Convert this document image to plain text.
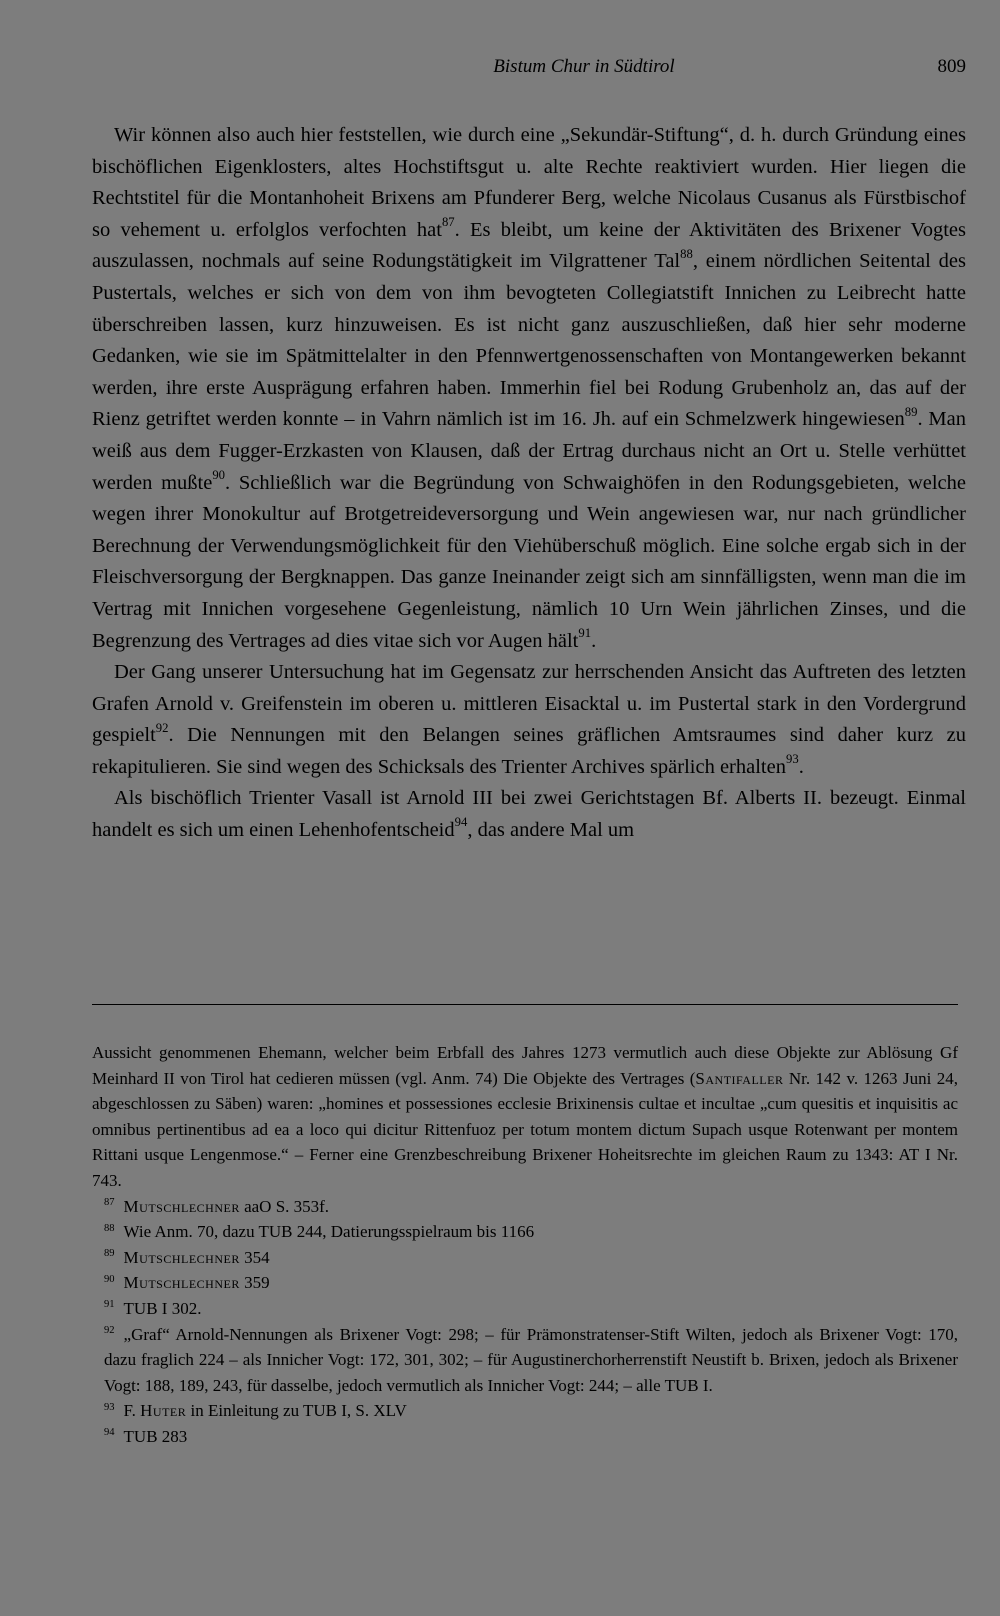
Bistum Chur in Südtirol	809

Wir können also auch hier feststellen, wie durch eine „Sekundär-Stiftung“, d. h. durch Gründung eines bischöflichen Eigenklosters, altes Hochstiftsgut u. alte Rechte reaktiviert wurden. Hier liegen die Rechtstitel für die Montanhoheit Brixens am Pfunderer Berg, welche Nicolaus Cusanus als Fürstbischof so vehement u. erfolglos verfochten hat$^{87}$. Es bleibt, um keine der Aktivitäten des Brixener Vogtes auszulassen, nochmals auf seine Rodungstätigkeit im Vilgrattener Tal$^{88}$, einem nördlichen Seitental des Pustertals, welches er sich von dem von ihm bevogteten Collegiatstift Innichen zu Leibrecht hatte überschreiben lassen, kurz hinzuweisen. Es ist nicht ganz auszuschließen, daß hier sehr moderne Gedanken, wie sie im Spätmittelalter in den Pfennwertgenossenschaften von Montangewerken bekannt werden, ihre erste Ausprägung erfahren haben. Immerhin fiel bei Rodung Grubenholz an, das auf der Rienz getriftet werden konnte – in Vahrn nämlich ist im 16. Jh. auf ein Schmelzwerk hingewiesen$^{89}$. Man weiß aus dem Fugger-Erzkasten von Klausen, daß der Ertrag durchaus nicht an Ort u. Stelle verhüttet werden mußte$^{90}$. Schließlich war die Begründung von Schwaighöfen in den Rodungsgebieten, welche wegen ihrer Monokultur auf Brotgetreideversorgung und Wein angewiesen war, nur nach gründlicher Berechnung der Verwendungsmöglichkeit für den Viehüberschuß möglich. Eine solche ergab sich in der Fleischversorgung der Bergknappen. Das ganze Ineinander zeigt sich am sinnfälligsten, wenn man die im Vertrag mit Innichen vorgesehene Gegenleistung, nämlich 10 Urn Wein jährlichen Zinses, und die Begrenzung des Vertrages ad dies vitae sich vor Augen hält$^{91}$.

Der Gang unserer Untersuchung hat im Gegensatz zur herrschenden Ansicht das Auftreten des letzten Grafen Arnold v. Greifenstein im oberen u. mittleren Eisacktal u. im Pustertal stark in den Vordergrund gespielt$^{92}$. Die Nennungen mit den Belangen seines gräflichen Amtsraumes sind daher kurz zu rekapitulieren. Sie sind wegen des Schicksals des Trienter Archives spärlich erhalten$^{93}$.

Als bischöflich Trienter Vasall ist Arnold III bei zwei Gerichtstagen Bf. Alberts II. bezeugt. Einmal handelt es sich um einen Lehenhofentscheid$^{94}$, das andere Mal um

Aussicht genommenen Ehemann, welcher beim Erbfall des Jahres 1273 vermutlich auch diese Objekte zur Ablösung Gf Meinhard II von Tirol hat cedieren müssen (vgl. Anm. 74) Die Objekte des Vertrages (Santifaller Nr. 142 v. 1263 Juni 24, abgeschlossen zu Säben) waren: „homines et possessiones ecclesie Brixinensis cultae et incultae „cum quesitis et inquisitis ac omnibus pertinentibus ad ea a loco qui dicitur Rittenfuoz per totum montem dictum Supach usque Rotenwant per montem Rittani usque Lengenmose.“ – Ferner eine Grenzbeschreibung Brixener Hoheitsrechte im gleichen Raum zu 1343: AT I Nr. 743.

87 Mutschlechner aaO S. 353f.

88 Wie Anm. 70, dazu TUB 244, Datierungsspielraum bis 1166

89 Mutschlechner 354

90 Mutschlechner 359

91 TUB I 302.

92 „Graf“ Arnold-Nennungen als Brixener Vogt: 298; – für Prämonstratenser-Stift Wilten, jedoch als Brixener Vogt: 170, dazu fraglich 224 – als Innicher Vogt: 172, 301, 302; – für Augustinerchorherrenstift Neustift b. Brixen, jedoch als Brixener Vogt: 188, 189, 243, für dasselbe, jedoch vermutlich als Innicher Vogt: 244; – alle TUB I.

93 F. Huter in Einleitung zu TUB I, S. XLV

94 TUB 283
